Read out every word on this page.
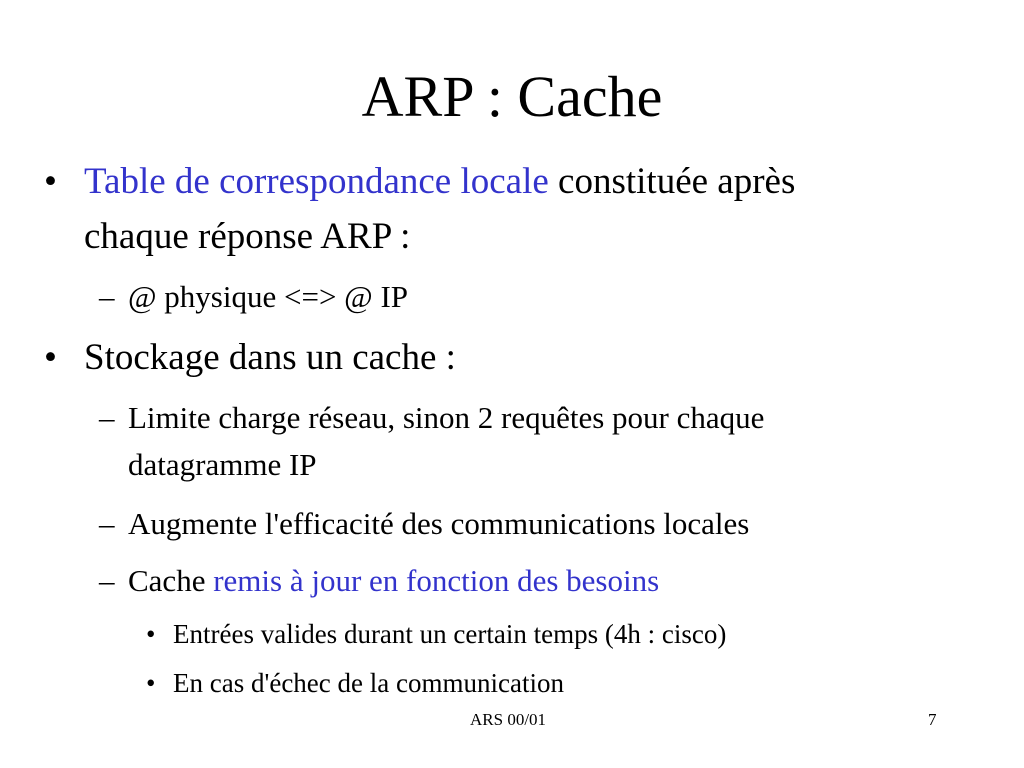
ARP : Cache
• Table de correspondance locale constituée après
chaque réponse ARP :
– @ physique <=> @ IP
• Stockage dans un cache :
– Limite charge réseau, sinon 2 requêtes pour chaque
datagramme IP
– Augmente l'efficacité des communications locales
– Cache remis à jour en fonction des besoins
• Entrées valides durant un certain temps (4h : cisco)
• En cas d'échec de la communication
ARS 00/01	7
